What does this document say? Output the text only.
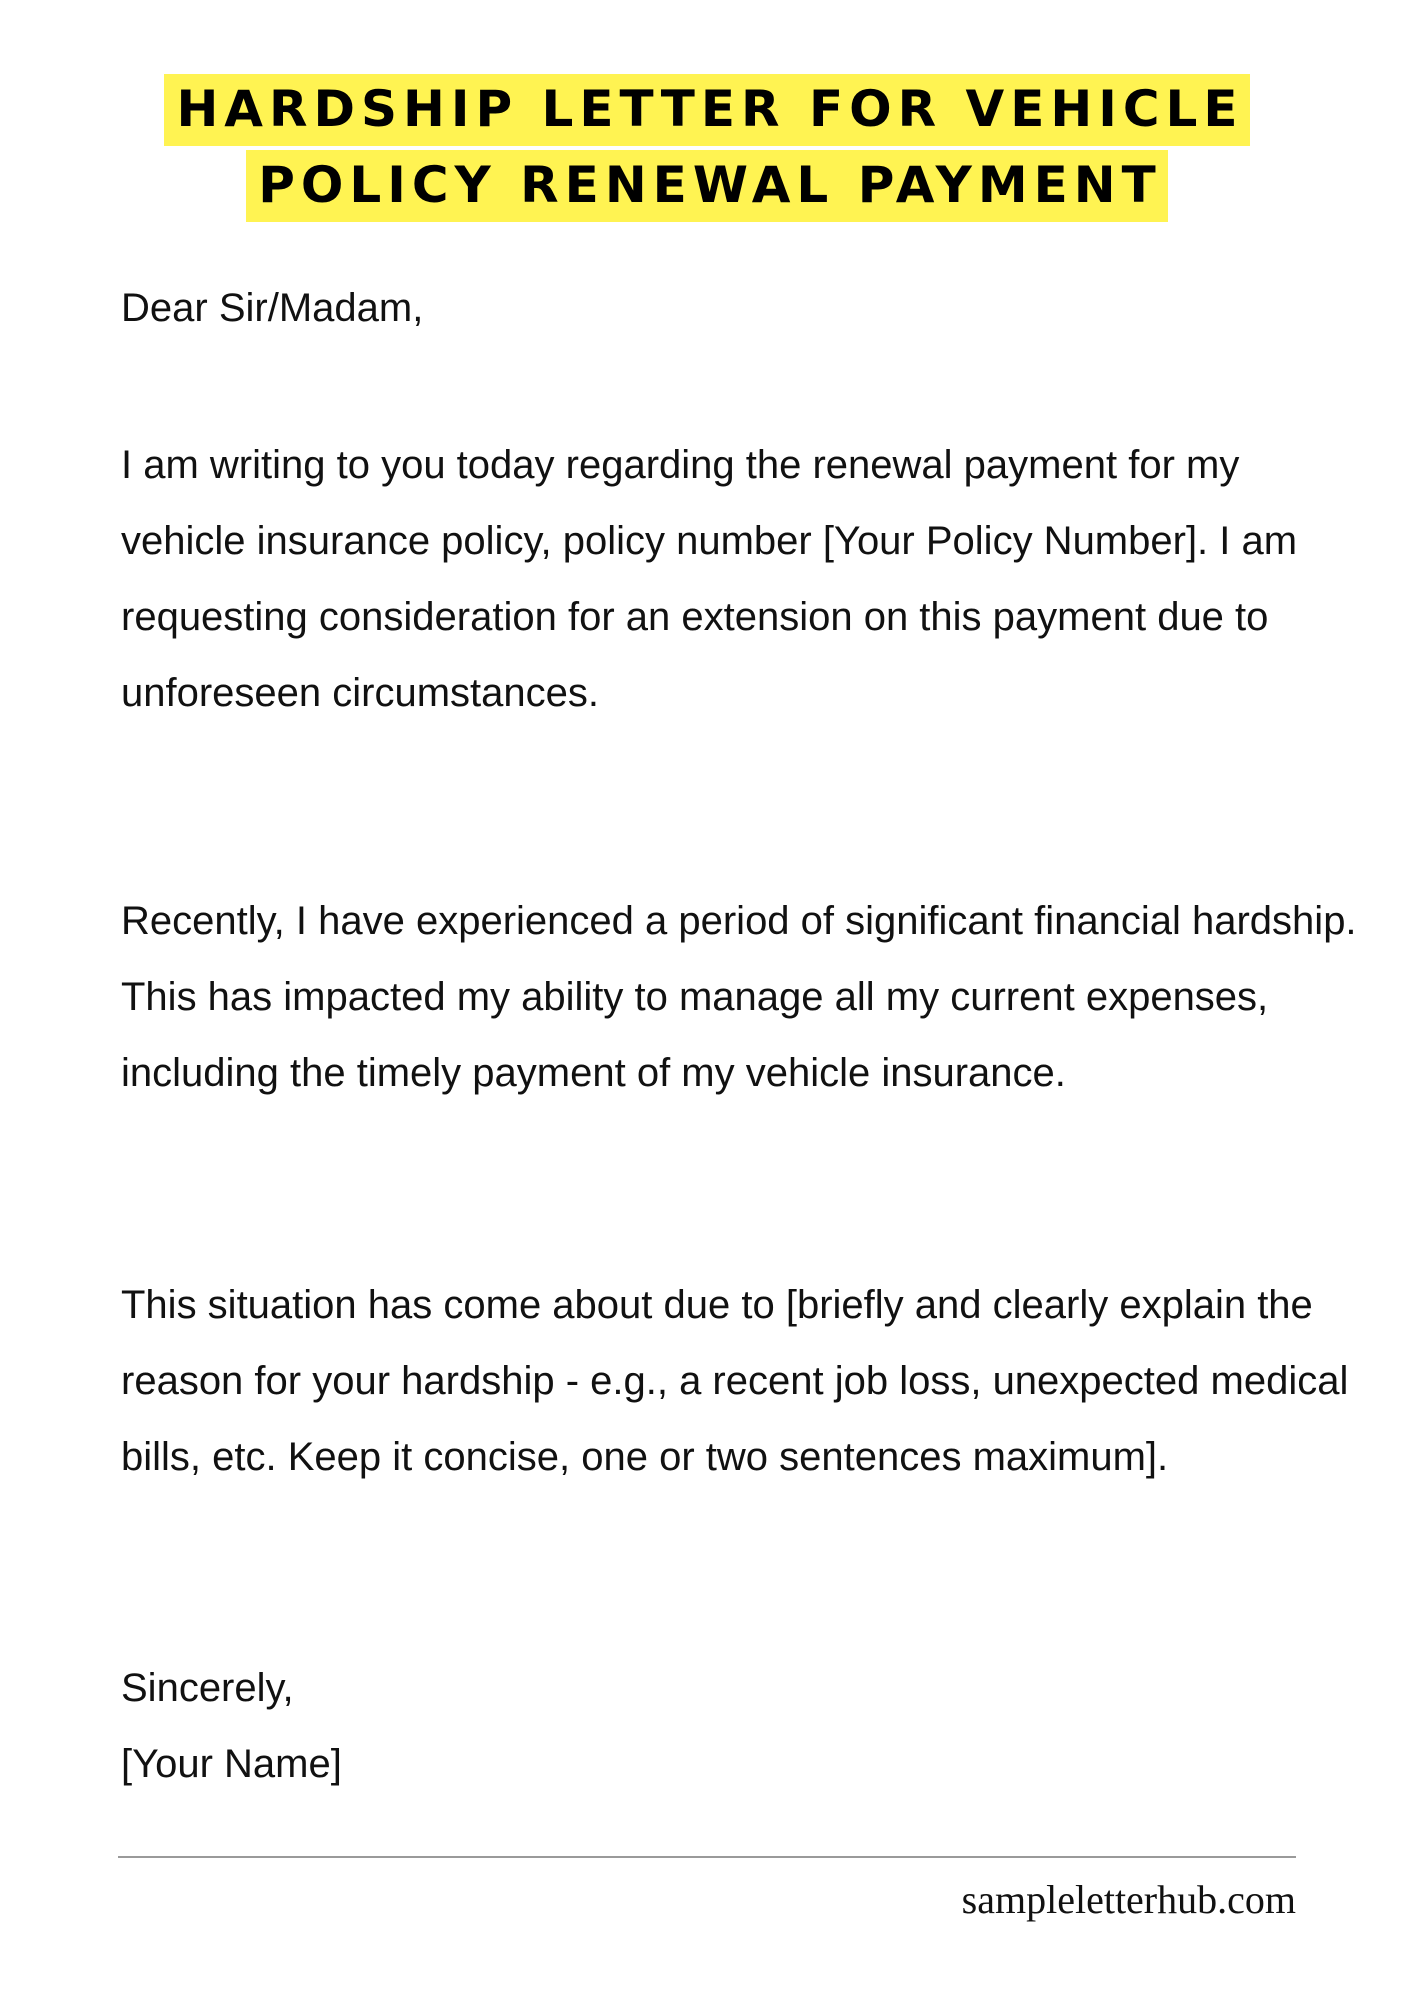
HARDSHIP LETTER FOR VEHICLE
POLICY RENEWAL PAYMENT

Dear Sir/Madam,

I am writing to you today regarding the renewal payment for my vehicle insurance policy, policy number [Your Policy Number]. I am requesting consideration for an extension on this payment due to unforeseen circumstances.

Recently, I have experienced a period of significant financial hardship. This has impacted my ability to manage all my current expenses, including the timely payment of my vehicle insurance.

This situation has come about due to [briefly and clearly explain the reason for your hardship - e.g., a recent job loss, unexpected medical bills, etc. Keep it concise, one or two sentences maximum].

Sincerely,
[Your Name]
sampleletterhub.com
